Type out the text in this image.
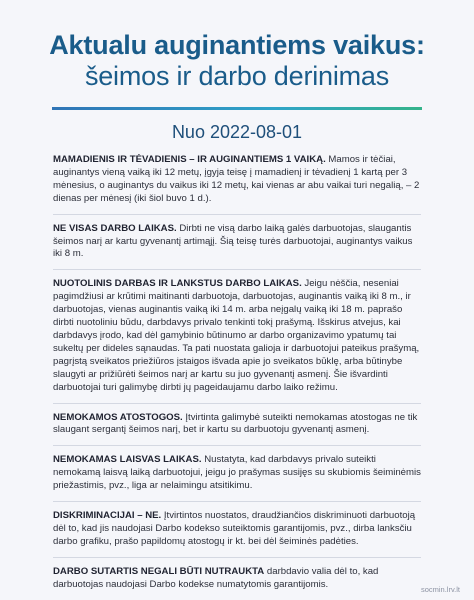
Aktualu auginantiems vaikus:
šeimos ir darbo derinimas
Nuo 2022-08-01
MAMADIENIS IR TĖVADIENIS – IR AUGINANTIEMS 1 VAIKĄ. Mamos ir tėčiai, auginantys vieną vaiką iki 12 metų, įgyja teisę į mamadienį ir tėvadienį 1 kartą per 3 mėnesius, o auginantys du vaikus iki 12 metų, kai vienas ar abu vaikai turi negalią, – 2 dienas per mėnesį (iki šiol buvo 1 d.).
NE VISAS DARBO LAIKAS. Dirbti ne visą darbo laiką galės darbuotojas, slaugantis šeimos narį ar kartu gyvenantį artimąjį. Šią teisę turės darbuotojai, auginantys vaikus iki 8 m.
NUOTOLINIS DARBAS IR LANKSTUS DARBO LAIKAS. Jeigu nėščia, neseniai pagimdžiusi ar krūtimi maitinanti darbuotoja, darbuotojas, auginantis vaiką iki 8 m., ir darbuotojas, vienas auginantis vaiką iki 14 m. arba neįgalų vaiką iki 18 m. paprašo dirbti nuotoliniu būdu, darbdavys privalo tenkinti tokį prašymą. Išskirus atvejus, kai darbdavys įrodo, kad dėl gamybinio būtinumo ar darbo organizavimo ypatumų tai sukeltų per dideles sąnaudas. Ta pati nuostata galioja ir darbuotojui pateikus prašymą, pagrįstą sveikatos priežiūros įstaigos išvada apie jo sveikatos būklę, arba būtinybe slaugyti ar prižiūrėti šeimos narį ar kartu su juo gyvenantį asmenį. Šie išvardinti darbuotojai turi galimybę dirbti jų pageidaujamu darbo laiko režimu.
NEMOKAMOS ATOSTOGOS. Įtvirtinta galimybė suteikti nemokamas atostogas ne tik slaugant sergantį šeimos narį, bet ir kartu su darbuotoju gyvenantį asmenį.
NEMOKAMAS LAISVAS LAIKAS. Nustatyta, kad darbdavys privalo suteikti nemokamą laisvą laiką darbuotojui, jeigu jo prašymas susijęs su skubiomis šeiminėmis priežastimis, pvz., liga ar nelaimingu atsitikimu.
DISKRIMINACIJAI – NE. Įtvirtintos nuostatos, draudžiančios diskriminuoti darbuotoją dėl to, kad jis naudojasi Darbo kodekso suteiktomis garantijomis, pvz., dirba lanksčiu darbo grafiku, prašo papildomų atostogų ir kt. bei dėl šeiminės padėties.
DARBO SUTARTIS NEGALI BŪTI NUTRAUKTA darbdavio valia dėl to, kad darbuotojas naudojasi Darbo kodekse numatytomis garantijomis.	socmin.lrv.lt
